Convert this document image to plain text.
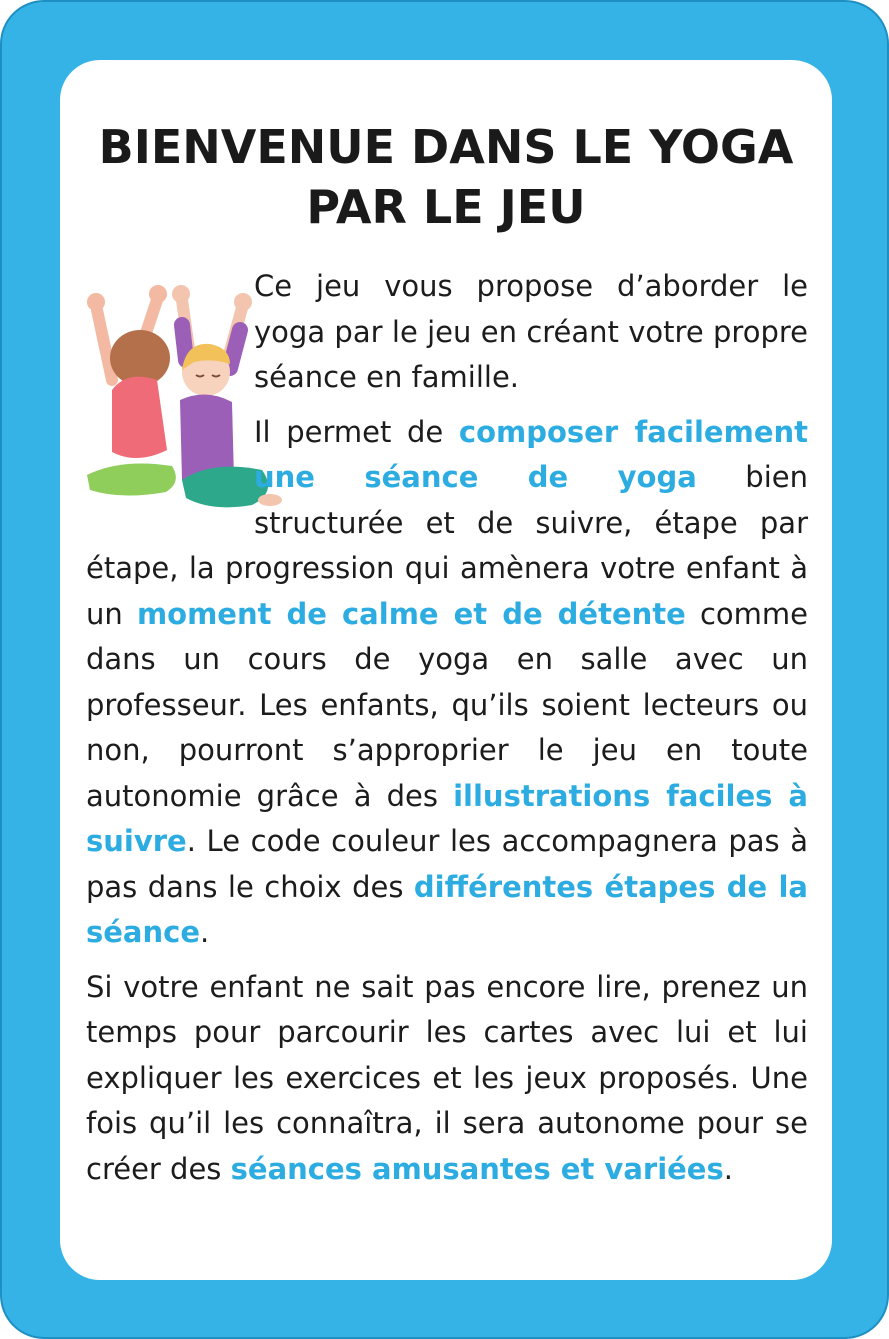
BIENVENUE DANS LE YOGA
PAR LE JEU

Ce jeu vous propose d’aborder le yoga par le jeu en créant votre propre séance en famille.

Il permet de composer facilement une séance de yoga bien structurée et de suivre, étape par étape, la progression qui amènera votre enfant à un moment de calme et de détente comme dans un cours de yoga en salle avec un professeur. Les enfants, qu’ils soient lecteurs ou non, pourront s’approprier le jeu en toute autonomie grâce à des illustrations faciles à suivre. Le code couleur les accompagnera pas à pas dans le choix des différentes étapes de la séance.

Si votre enfant ne sait pas encore lire, prenez un temps pour parcourir les cartes avec lui et lui expliquer les exercices et les jeux proposés. Une fois qu’il les connaîtra, il sera autonome pour se créer des séances amusantes et variées.
